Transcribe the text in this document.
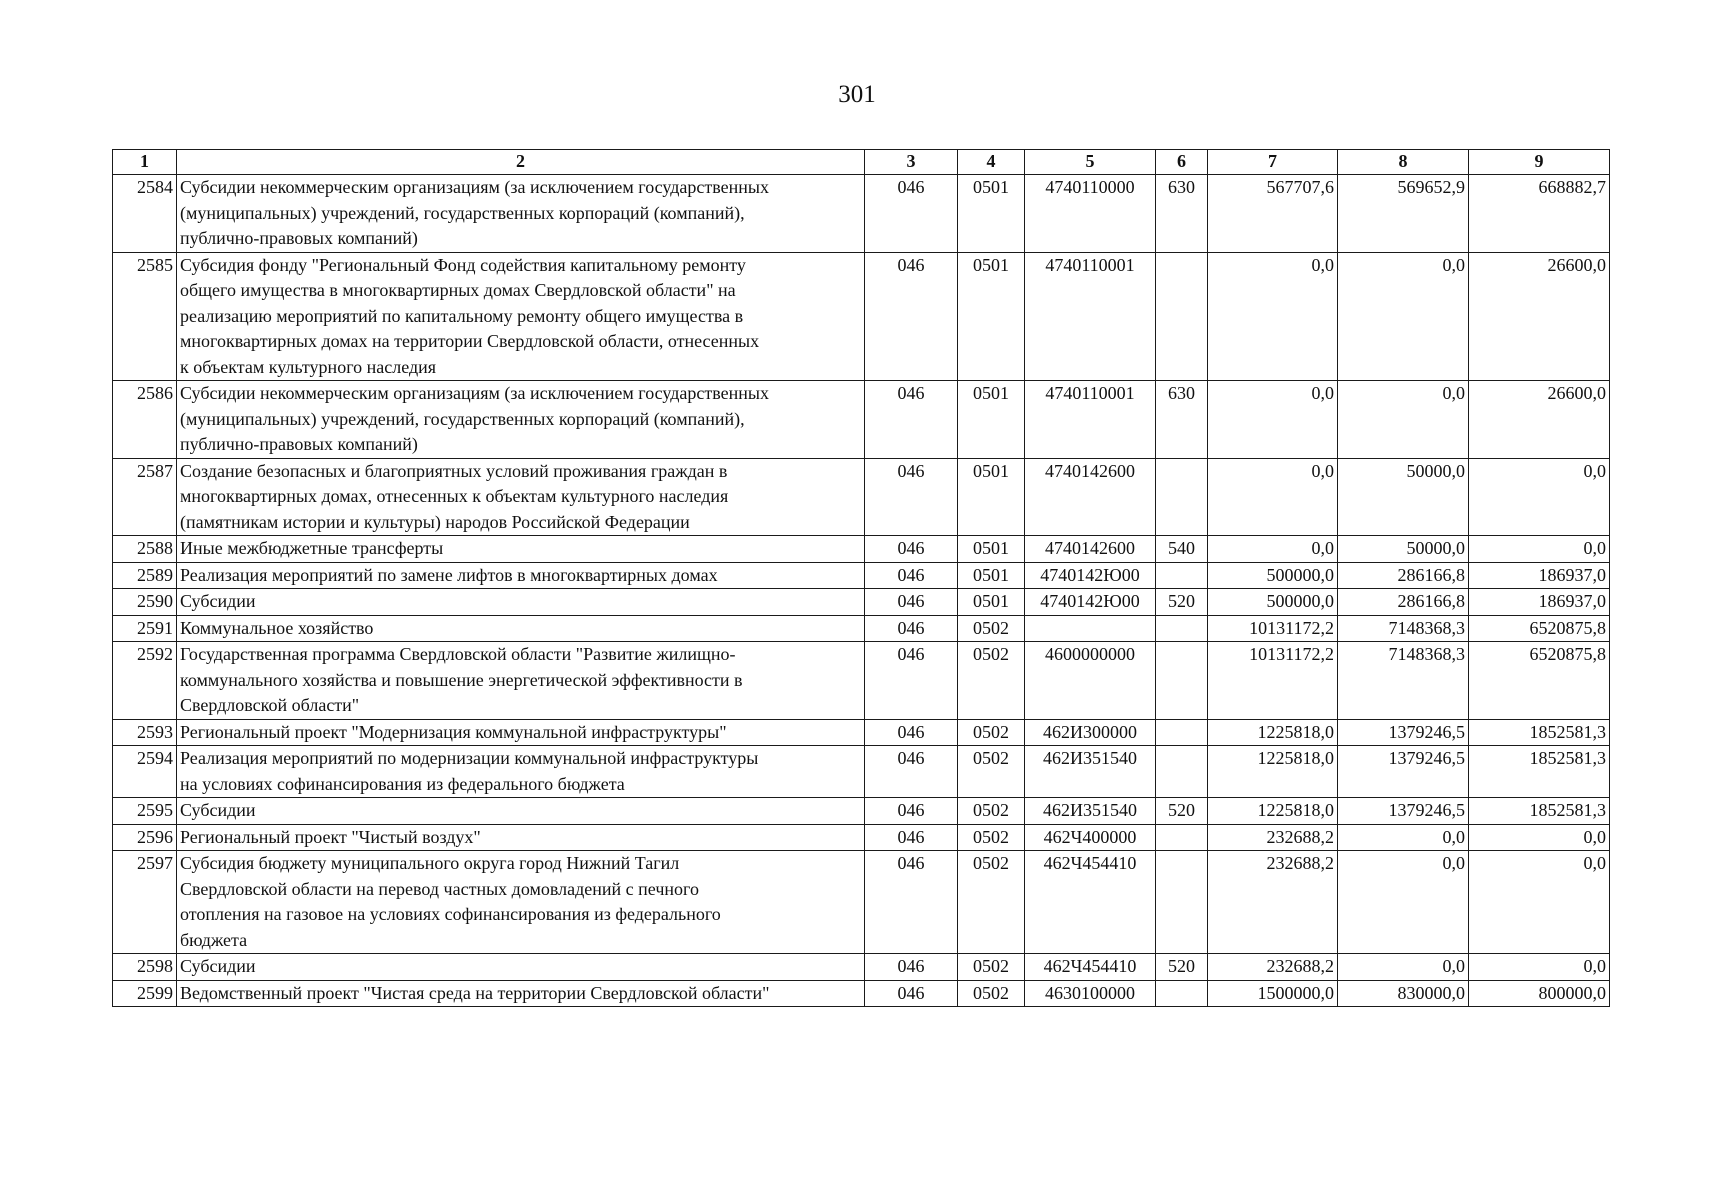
301
1	2	3	4	5	6	7	8	9
2584	Субсидии некоммерческим организациям (за исключением государственных
(муниципальных) учреждений, государственных корпораций (компаний),
публично-правовых компаний)	046	0501	4740110000	630	567707,6	569652,9	668882,7
2585	Субсидия фонду "Региональный Фонд содействия капитальному ремонту
общего имущества в многоквартирных домах Свердловской области" на
реализацию мероприятий по капитальному ремонту общего имущества в
многоквартирных домах на территории Свердловской области, отнесенных
к объектам культурного наследия	046	0501	4740110001		0,0	0,0	26600,0
2586	Субсидии некоммерческим организациям (за исключением государственных
(муниципальных) учреждений, государственных корпораций (компаний),
публично-правовых компаний)	046	0501	4740110001	630	0,0	0,0	26600,0
2587	Создание безопасных и благоприятных условий проживания граждан в
многоквартирных домах, отнесенных к объектам культурного наследия
(памятникам истории и культуры) народов Российской Федерации	046	0501	4740142600		0,0	50000,0	0,0
2588	Иные межбюджетные трансферты	046	0501	4740142600	540	0,0	50000,0	0,0
2589	Реализация мероприятий по замене лифтов в многоквартирных домах	046	0501	4740142Ю00		500000,0	286166,8	186937,0
2590	Субсидии	046	0501	4740142Ю00	520	500000,0	286166,8	186937,0
2591	Коммунальное хозяйство	046	0502			10131172,2	7148368,3	6520875,8
2592	Государственная программа Свердловской области "Развитие жилищно-
коммунального хозяйства и повышение энергетической эффективности в
Свердловской области"	046	0502	4600000000		10131172,2	7148368,3	6520875,8
2593	Региональный проект "Модернизация коммунальной инфраструктуры"	046	0502	462И300000		1225818,0	1379246,5	1852581,3
2594	Реализация мероприятий по модернизации коммунальной инфраструктуры
на условиях софинансирования из федерального бюджета	046	0502	462И351540		1225818,0	1379246,5	1852581,3
2595	Субсидии	046	0502	462И351540	520	1225818,0	1379246,5	1852581,3
2596	Региональный проект "Чистый воздух"	046	0502	462Ч400000		232688,2	0,0	0,0
2597	Субсидия бюджету муниципального округа город Нижний Тагил
Свердловской области на перевод частных домовладений с печного
отопления на газовое на условиях софинансирования из федерального
бюджета	046	0502	462Ч454410		232688,2	0,0	0,0
2598	Субсидии	046	0502	462Ч454410	520	232688,2	0,0	0,0
2599	Ведомственный проект "Чистая среда на территории Свердловской области"	046	0502	4630100000		1500000,0	830000,0	800000,0
